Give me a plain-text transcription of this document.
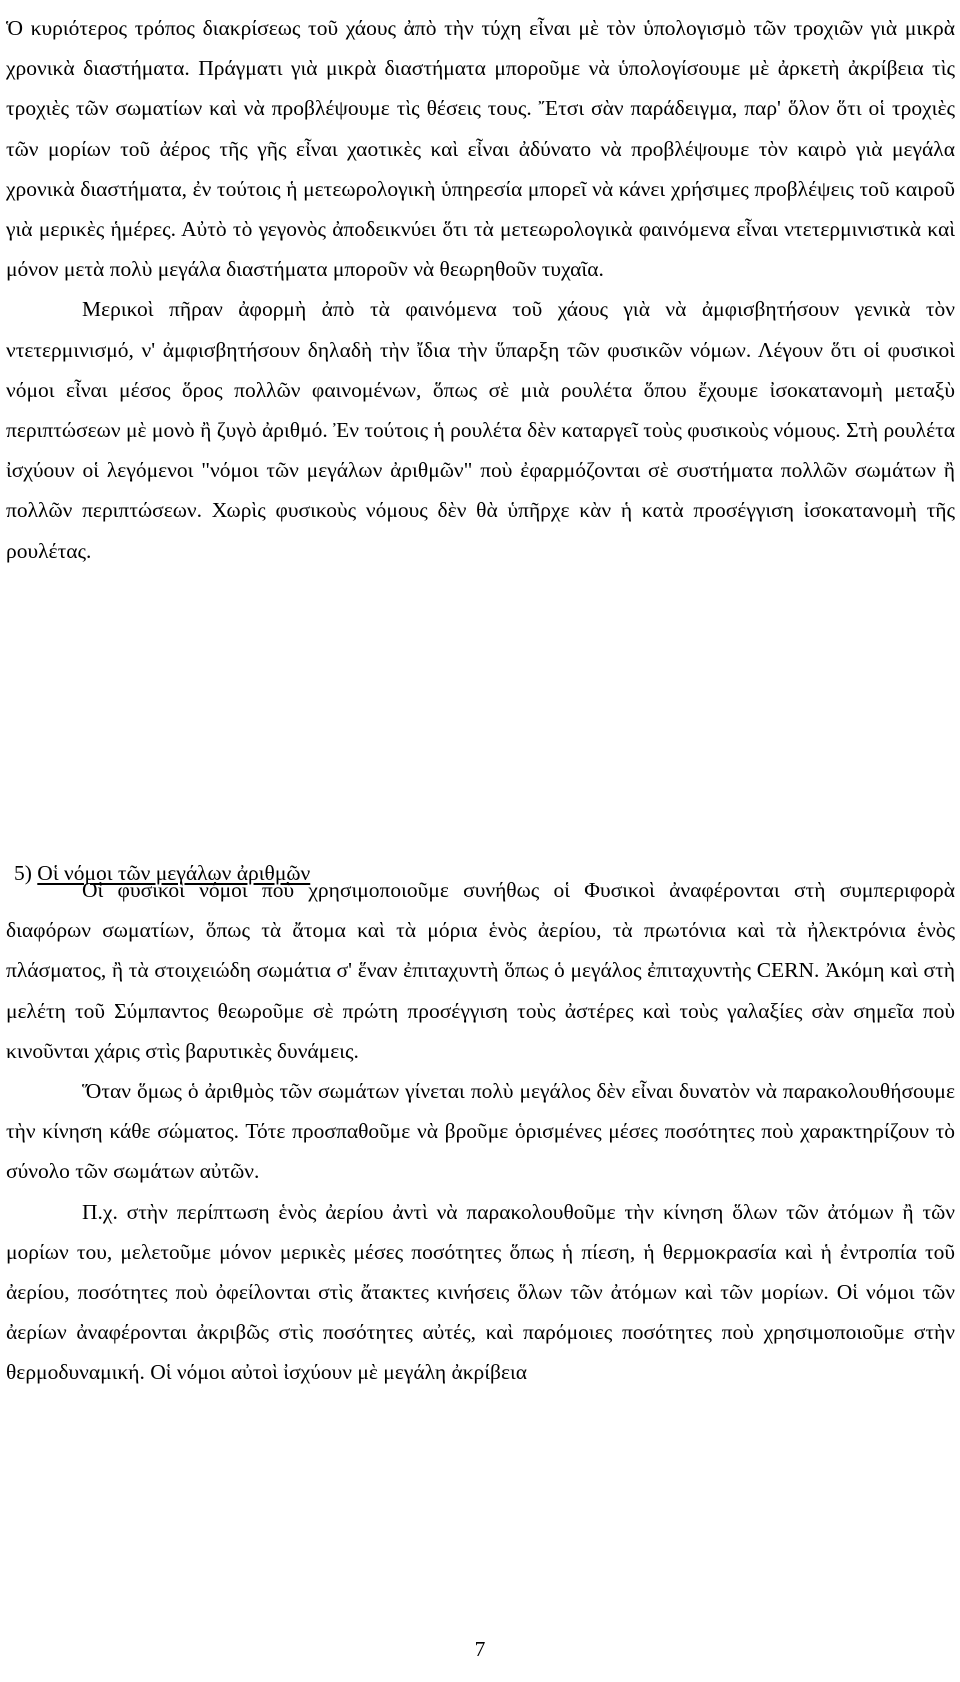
Ὁ κυριότερος τρόπος διακρίσεως τοῦ χάους ἀπὸ τὴν τύχη εἶναι μὲ τὸν ὑπολογισμὸ τῶν τροχιῶν γιὰ μικρὰ χρονικὰ διαστήματα. Πράγματι γιὰ μικρὰ διαστήματα μποροῦμε νὰ ὑπολογίσουμε μὲ ἀρκετὴ ἀκρίβεια τὶς τροχιὲς τῶν σωματίων καὶ νὰ προβλέψουμε τὶς θέσεις τους. Ἔτσι σὰν παράδειγμα, παρ' ὅλον ὅτι οἱ τροχιὲς τῶν μορίων τοῦ ἀέρος τῆς γῆς εἶναι χαοτικὲς καὶ εἶναι ἀδύνατο νὰ προβλέψουμε τὸν καιρὸ γιὰ μεγάλα χρονικὰ διαστήματα, ἐν τούτοις ἡ μετεωρολογικὴ ὑπηρεσία μπορεῖ νὰ κάνει χρήσιμες προβλέψεις τοῦ καιροῦ γιὰ μερικὲς ἡμέρες. Αὐτὸ τὸ γεγονὸς ἀποδεικνύει ὅτι τὰ μετεωρολογικὰ φαινόμενα εἶναι ντετερμινιστικὰ καὶ μόνον μετὰ πολὺ μεγάλα διαστήματα μποροῦν νὰ θεωρηθοῦν τυχαῖα.

Μερικοὶ πῆραν ἀφορμὴ ἀπὸ τὰ φαινόμενα τοῦ χάους γιὰ νὰ ἀμφισβητήσουν γενικὰ τὸν ντετερμινισμό, ν' ἀμφισβητήσουν δηλαδὴ τὴν ἴδια τὴν ὕπαρξη τῶν φυσικῶν νόμων. Λέγουν ὅτι οἱ φυσικοὶ νόμοι εἶναι μέσος ὅρος πολλῶν φαινομένων, ὅπως σὲ μιὰ ρουλέτα ὅπου ἔχουμε ἰσοκατανομὴ μεταξὺ περιπτώσεων μὲ μονὸ ἢ ζυγὸ ἀριθμό. Ἐν τούτοις ἡ ρουλέτα δὲν καταργεῖ τοὺς φυσικοὺς νόμους. Στὴ ρουλέτα ἰσχύουν οἱ λεγόμενοι "νόμοι τῶν μεγάλων ἀριθμῶν" ποὺ ἐφαρμόζονται σὲ συστήματα πολλῶν σωμάτων ἢ πολλῶν περιπτώσεων. Χωρὶς φυσικοὺς νόμους δὲν θὰ ὑπῆρχε κὰν ἡ κατὰ προσέγγιση ἰσοκατανομὴ τῆς ρουλέτας.

5) Οἱ νόμοι τῶν μεγάλων ἀριθμῶν

Οἱ φυσικοὶ νόμοι ποὺ χρησιμοποιοῦμε συνήθως οἱ Φυσικοὶ ἀναφέρονται στὴ συμπεριφορὰ διαφόρων σωματίων, ὅπως τὰ ἄτομα καὶ τὰ μόρια ἑνὸς ἀερίου, τὰ πρωτόνια καὶ τὰ ἠλεκτρόνια ἑνὸς πλάσματος, ἢ τὰ στοιχειώδη σωμάτια σ' ἕναν ἐπιταχυντὴ ὅπως ὁ μεγάλος ἐπιταχυντὴς CERN. Ἀκόμη καὶ στὴ μελέτη τοῦ Σύμπαντος θεωροῦμε σὲ πρώτη προσέγγιση τοὺς ἀστέρες καὶ τοὺς γαλαξίες σὰν σημεῖα ποὺ κινοῦνται χάρις στὶς βαρυτικὲς δυνάμεις.

Ὅταν ὅμως ὁ ἀριθμὸς τῶν σωμάτων γίνεται πολὺ μεγάλος δὲν εἶναι δυνατὸν νὰ παρακολουθήσουμε τὴν κίνηση κάθε σώματος. Τότε προσπαθοῦμε νὰ βροῦμε ὁρισμένες μέσες ποσότητες ποὺ χαρακτηρίζουν τὸ σύνολο τῶν σωμάτων αὐτῶν.

Π.χ. στὴν περίπτωση ἑνὸς ἀερίου ἀντὶ νὰ παρακολουθοῦμε τὴν κίνηση ὅλων τῶν ἀτόμων ἢ τῶν μορίων του, μελετοῦμε μόνον μερικὲς μέσες ποσότητες ὅπως ἡ πίεση, ἡ θερμοκρασία καὶ ἡ ἐντροπία τοῦ ἀερίου, ποσότητες ποὺ ὀφείλονται στὶς ἄτακτες κινήσεις ὅλων τῶν ἀτόμων καὶ τῶν μορίων. Οἱ νόμοι τῶν ἀερίων ἀναφέρονται ἀκριβῶς στὶς ποσότητες αὐτές, καὶ παρόμοιες ποσότητες ποὺ χρησιμοποιοῦμε στὴν θερμοδυναμική. Οἱ νόμοι αὐτοὶ ἰσχύουν μὲ μεγάλη ἀκρίβεια

7
